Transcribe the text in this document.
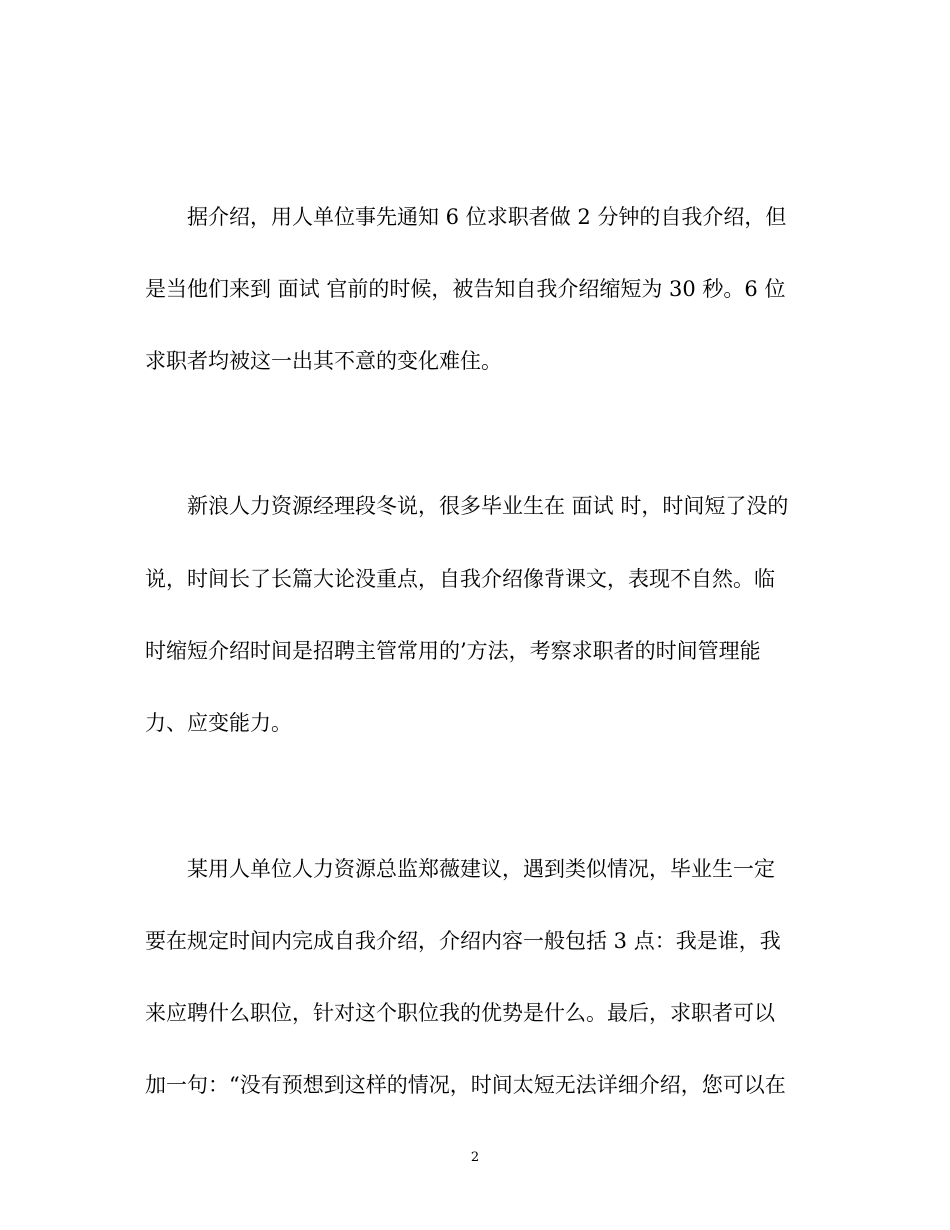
　　据介绍，用人单位事先通知 6 位求职者做 2 分钟的自我介绍，但
是当他们来到 面试 官前的时候，被告知自我介绍缩短为 30 秒。6 位
求职者均被这一出其不意的变化难住。
　　新浪人力资源经理段冬说，很多毕业生在 面试 时，时间短了没的
说，时间长了长篇大论没重点，自我介绍像背课文，表现不自然。临
时缩短介绍时间是招聘主管常用的’方法，考察求职者的时间管理能
力、应变能力。
　　某用人单位人力资源总监郑薇建议，遇到类似情况，毕业生一定
要在规定时间内完成自我介绍，介绍内容一般包括 3 点：我是谁，我
来应聘什么职位，针对这个职位我的优势是什么。最后，求职者可以
加一句：“没有预想到这样的情况，时间太短无法详细介绍，您可以在
2
